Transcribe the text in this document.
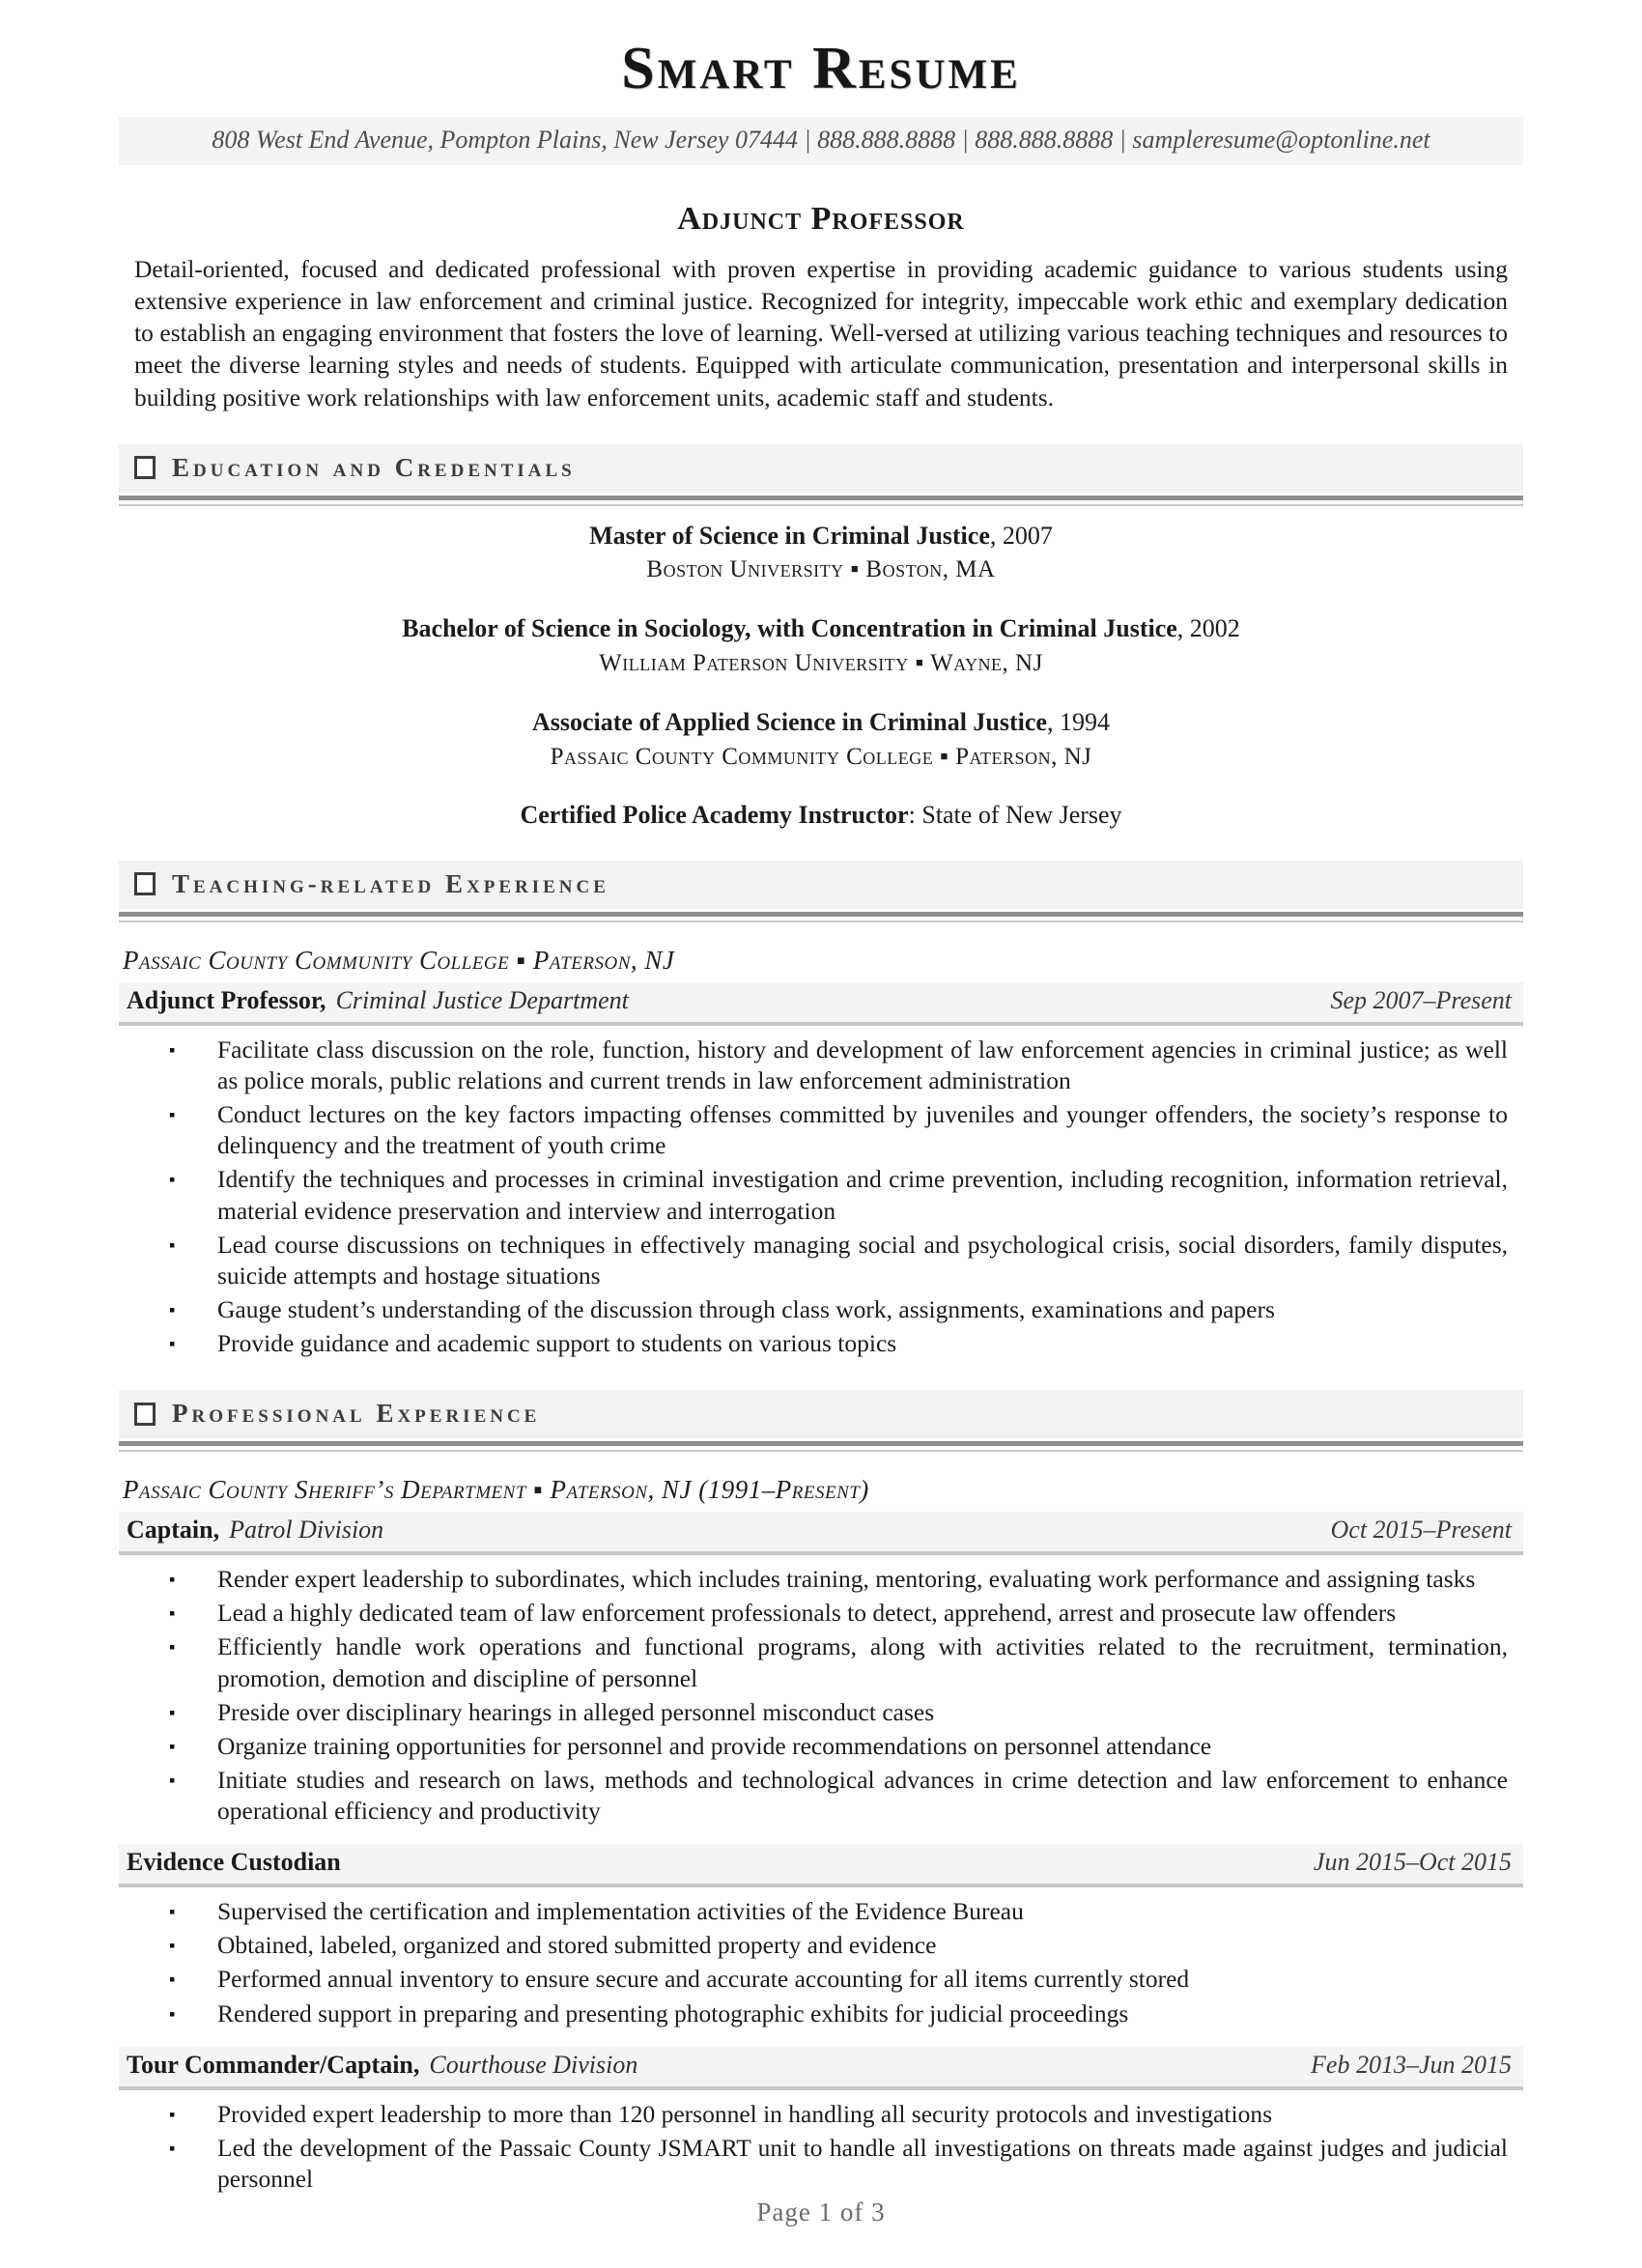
Smart Resume
808 West End Avenue, Pompton Plains, New Jersey 07444 | 888.888.8888 | 888.888.8888 | sampleresume@optonline.net
Adjunct Professor

Detail-oriented, focused and dedicated professional with proven expertise in providing academic guidance to various students using extensive experience in law enforcement and criminal justice. Recognized for integrity, impeccable work ethic and exemplary dedication to establish an engaging environment that fosters the love of learning. Well-versed at utilizing various teaching techniques and resources to meet the diverse learning styles and needs of students. Equipped with articulate communication, presentation and interpersonal skills in building positive work relationships with law enforcement units, academic staff and students.

Education and Credentials
Master of Science in Criminal Justice, 2007
Boston University ▪ Boston, MA
Bachelor of Science in Sociology, with Concentration in Criminal Justice, 2002
William Paterson University ▪ Wayne, NJ
Associate of Applied Science in Criminal Justice, 1994
Passaic County Community College ▪ Paterson, NJ
Certified Police Academy Instructor: State of New Jersey
Teaching-related Experience
Passaic County Community College ▪ Paterson, NJ
Adjunct Professor, Criminal Justice Department	Sep 2007–Present
▪	Facilitate class discussion on the role, function, history and development of law enforcement agencies in criminal justice; as well as police morals, public relations and current trends in law enforcement administration
▪	Conduct lectures on the key factors impacting offenses committed by juveniles and younger offenders, the society’s response to delinquency and the treatment of youth crime
▪	Identify the techniques and processes in criminal investigation and crime prevention, including recognition, information retrieval, material evidence preservation and interview and interrogation
▪	Lead course discussions on techniques in effectively managing social and psychological crisis, social disorders, family disputes, suicide attempts and hostage situations
▪	Gauge student’s understanding of the discussion through class work, assignments, examinations and papers
▪	Provide guidance and academic support to students on various topics
Professional Experience
Passaic County Sheriff’s Department ▪ Paterson, NJ (1991–Present)
Captain, Patrol Division	Oct 2015–Present
▪	Render expert leadership to subordinates, which includes training, mentoring, evaluating work performance and assigning tasks
▪	Lead a highly dedicated team of law enforcement professionals to detect, apprehend, arrest and prosecute law offenders
▪	Efficiently handle work operations and functional programs, along with activities related to the recruitment, termination, promotion, demotion and discipline of personnel
▪	Preside over disciplinary hearings in alleged personnel misconduct cases
▪	Organize training opportunities for personnel and provide recommendations on personnel attendance
▪	Initiate studies and research on laws, methods and technological advances in crime detection and law enforcement to enhance operational efficiency and productivity
Evidence Custodian	Jun 2015–Oct 2015
▪	Supervised the certification and implementation activities of the Evidence Bureau
▪	Obtained, labeled, organized and stored submitted property and evidence
▪	Performed annual inventory to ensure secure and accurate accounting for all items currently stored
▪	Rendered support in preparing and presenting photographic exhibits for judicial proceedings
Tour Commander/Captain, Courthouse Division	Feb 2013–Jun 2015
▪	Provided expert leadership to more than 120 personnel in handling all security protocols and investigations
▪	Led the development of the Passaic County JSMART unit to handle all investigations on threats made against judges and judicial personnel
Page 1 of 3
